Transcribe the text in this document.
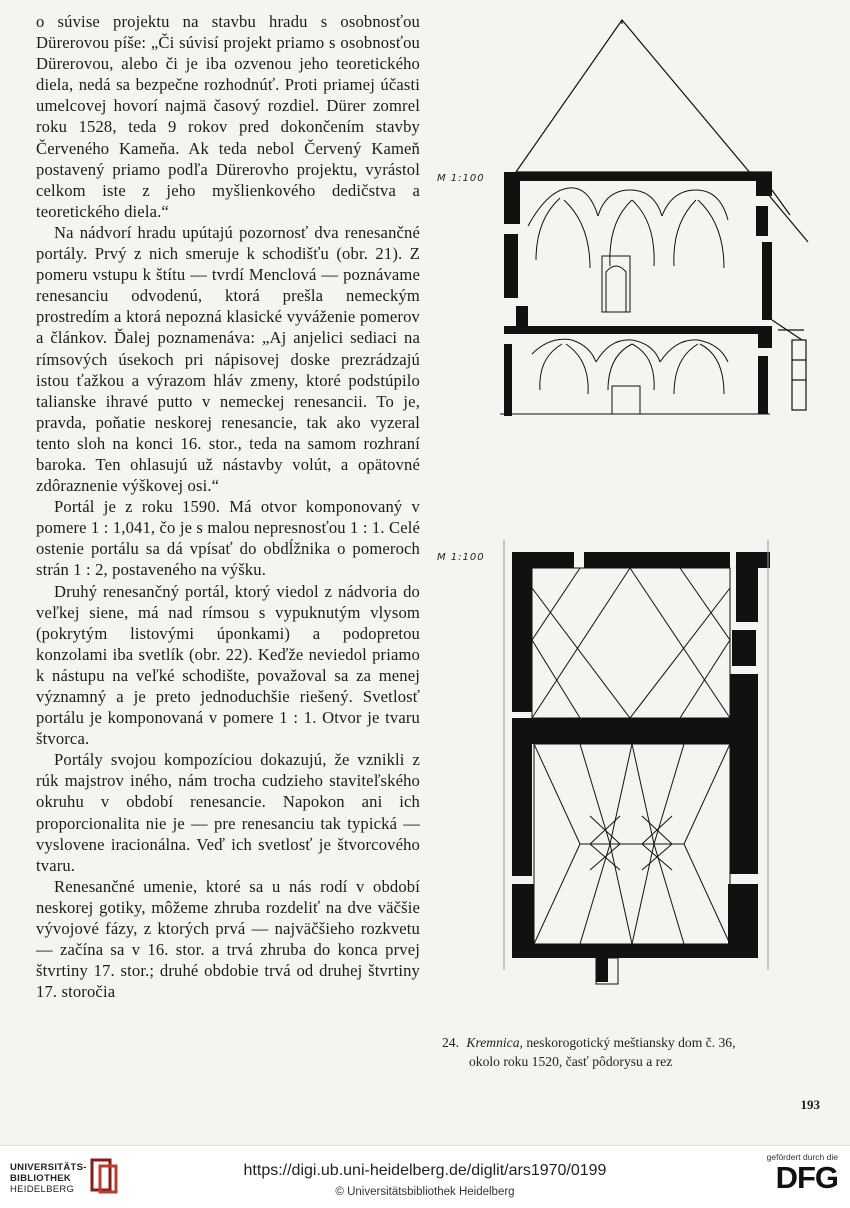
o súvise projektu na stavbu hradu s osobnosťou Dürerovou píše: „Či súvisí projekt priamo s osobnosťou Dürerovou, alebo či je iba ozvenou jeho teoretického diela, nedá sa bezpečne rozhodnúť. Proti priamej účasti umelcovej hovorí najmä časový rozdiel. Dürer zomrel roku 1528, teda 9 rokov pred dokončením stavby Červeného Kameňa. Ak teda nebol Červený Kameň postavený priamo podľa Dürerovho projektu, vyrástol celkom iste z jeho myšlienkového dedičstva a teoretického diela.“

Na nádvorí hradu upútajú pozornosť dva renesančné portály. Prvý z nich smeruje k schodišťu (obr. 21). Z pomeru vstupu k štítu — tvrdí Menclová — poznávame renesanciu odvodenú, ktorá prešla nemeckým prostredím a ktorá nepozná klasické vyváženie pomerov a článkov. Ďalej poznamenáva: „Aj anjelici sediaci na rímsových úsekoch pri nápisovej doske prezrádzajú istou ťažkou a výrazom hláv zmeny, ktoré podstúpilo talianske ihravé putto v nemeckej renesancii. To je, pravda, poňatie neskorej renesancie, tak ako vyzeral tento sloh na konci 16. stor., teda na samom rozhraní baroka. Ten ohlasujú už nástavby volút, a opätovné zdôraznenie výškovej osi.“

Portál je z roku 1590. Má otvor komponovaný v pomere 1 : 1,041, čo je s malou nepresnosťou 1 : 1. Celé ostenie portálu sa dá vpísať do obdĺžnika o pomeroch strán 1 : 2, postaveného na výšku.

Druhý renesančný portál, ktorý viedol z nádvoria do veľkej siene, má nad rímsou s vypuknutým vlysom (pokrytým listovými úponkami) a podopretou konzolami iba svetlík (obr. 22). Keďže neviedol priamo k nástupu na veľké schodište, považoval sa za menej významný a je preto jednoduchšie riešený. Svetlosť portálu je komponovaná v pomere 1 : 1. Otvor je tvaru štvorca.

Portály svojou kompozíciou dokazujú, že vznikli z rúk majstrov iného, nám trocha cudzieho staviteľského okruhu v období renesancie. Napokon ani ich proporcionalita nie je — pre renesanciu tak typická — vyslovene iracionálna. Veď ich svetlosť je štvorcového tvaru.

Renesančné umenie, ktoré sa u nás rodí v období neskorej gotiky, môžeme zhruba rozdeliť na dve väčšie vývojové fázy, z ktorých prvá — najväčšieho rozkvetu — začína sa v 16. stor. a trvá zhruba do konca prvej štvrtiny 17. stor.; druhé obdobie trvá od druhej štvrtiny 17. storočia

M 1:100
M 1:100
24. Kremnica, neskorogotický meštiansky dom č. 36,
okolo roku 1520, časť pôdorysu a rez
193
UNIVERSITÄTS-
BIBLIOTHEK
HEIDELBERG
https://digi.ub.uni-heidelberg.de/diglit/ars1970/0199
© Universitätsbibliothek Heidelberg
gefördert durch die
DFG
